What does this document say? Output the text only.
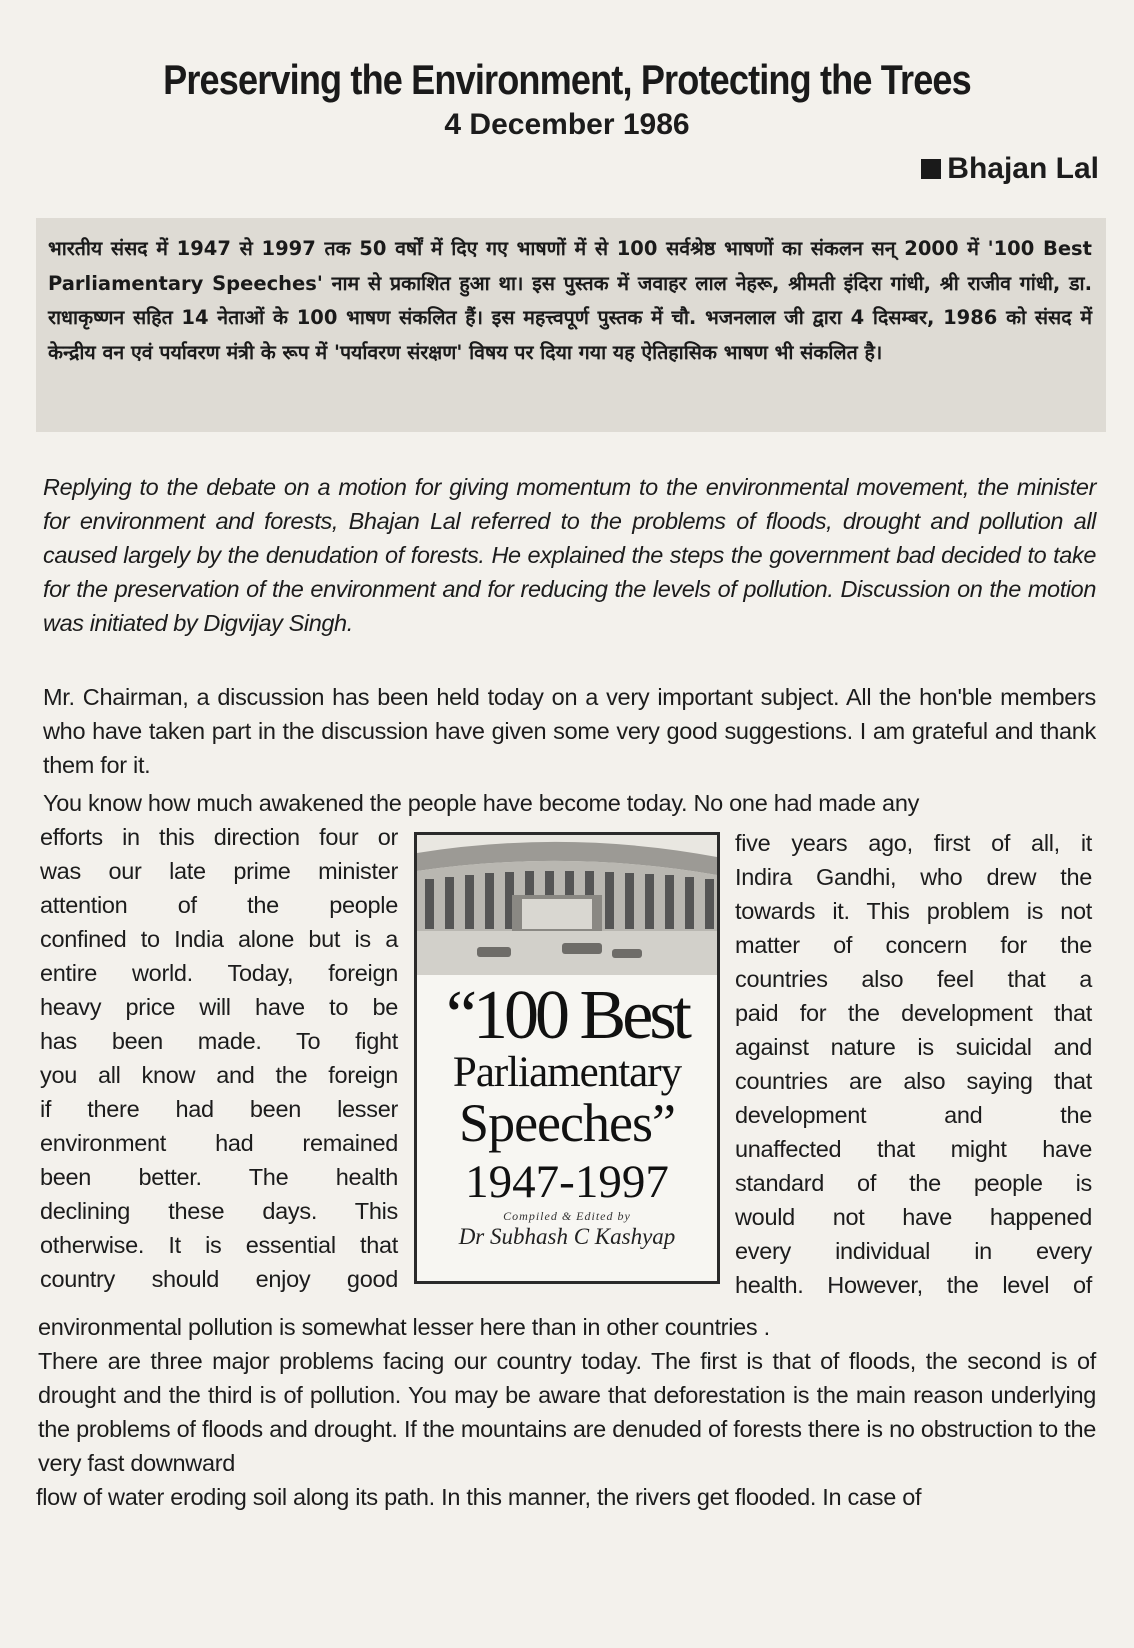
Preserving the Environment, Protecting the Trees
4 December 1986
Bhajan Lal

भारतीय संसद में 1947 से 1997 तक 50 वर्षों में दिए गए भाषणों में से 100 सर्वश्रेष्ठ भाषणों का संकलन सन् 2000 में '100 Best Parliamentary Speeches' नाम से प्रकाशित हुआ था। इस पुस्तक में जवाहर लाल नेहरू, श्रीमती इंदिरा गांधी, श्री राजीव गांधी, डा. राधाकृष्णन सहित 14 नेताओं के 100 भाषण संकलित हैं। इस महत्त्वपूर्ण पुस्तक में चौ. भजनलाल जी द्वारा 4 दिसम्बर, 1986 को संसद में केन्द्रीय वन एवं पर्यावरण मंत्री के रूप में 'पर्यावरण संरक्षण' विषय पर दिया गया यह ऐतिहासिक भाषण भी संकलित है।

Replying to the debate on a motion for giving momentum to the environmental movement, the minister for environment and forests, Bhajan Lal referred to the problems of floods, drought and pollution all caused largely by the denudation of forests. He explained the steps the government bad decided to take for the preservation of the environment and for reducing the levels of pollution. Discussion on the motion was initiated by Digvijay Singh.

Mr. Chairman, a discussion has been held today on a very important subject. All the hon'ble members who have taken part in the discussion have given some very good suggestions. I am grateful and thank them for it.

You know how much awakened the people have become today. No one had made any

efforts in this direction four or

was our late prime minister

attention of the people

confined to India alone but is a

entire world. Today, foreign

heavy price will have to be

has been made. To fight

you all know and the foreign

if there had been lesser

environment had remained

been better. The health

declining these days. This

otherwise. It is essential that

country should enjoy good

“100 Best
Parliamentary
Speeches”
1947-1997
Compiled & Edited by
Dr Subhash C Kashyap

five years ago, first of all, it

Indira Gandhi, who drew the

towards it. This problem is not

matter of concern for the

countries also feel that a

paid for the development that

against nature is suicidal and

countries are also saying that

development and the

unaffected that might have

standard of the people is

would not have happened

every individual in every

health. However, the level of

environmental pollution is somewhat lesser here than in other countries .

There are three major problems facing our country today. The first is that of floods, the second is of drought and the third is of pollution. You may be aware that deforestation is the main reason underlying the problems of floods and drought. If the mountains are denuded of forests there is no obstruction to the very fast downward

flow of water eroding soil along its path. In this manner, the rivers get flooded. In case of
